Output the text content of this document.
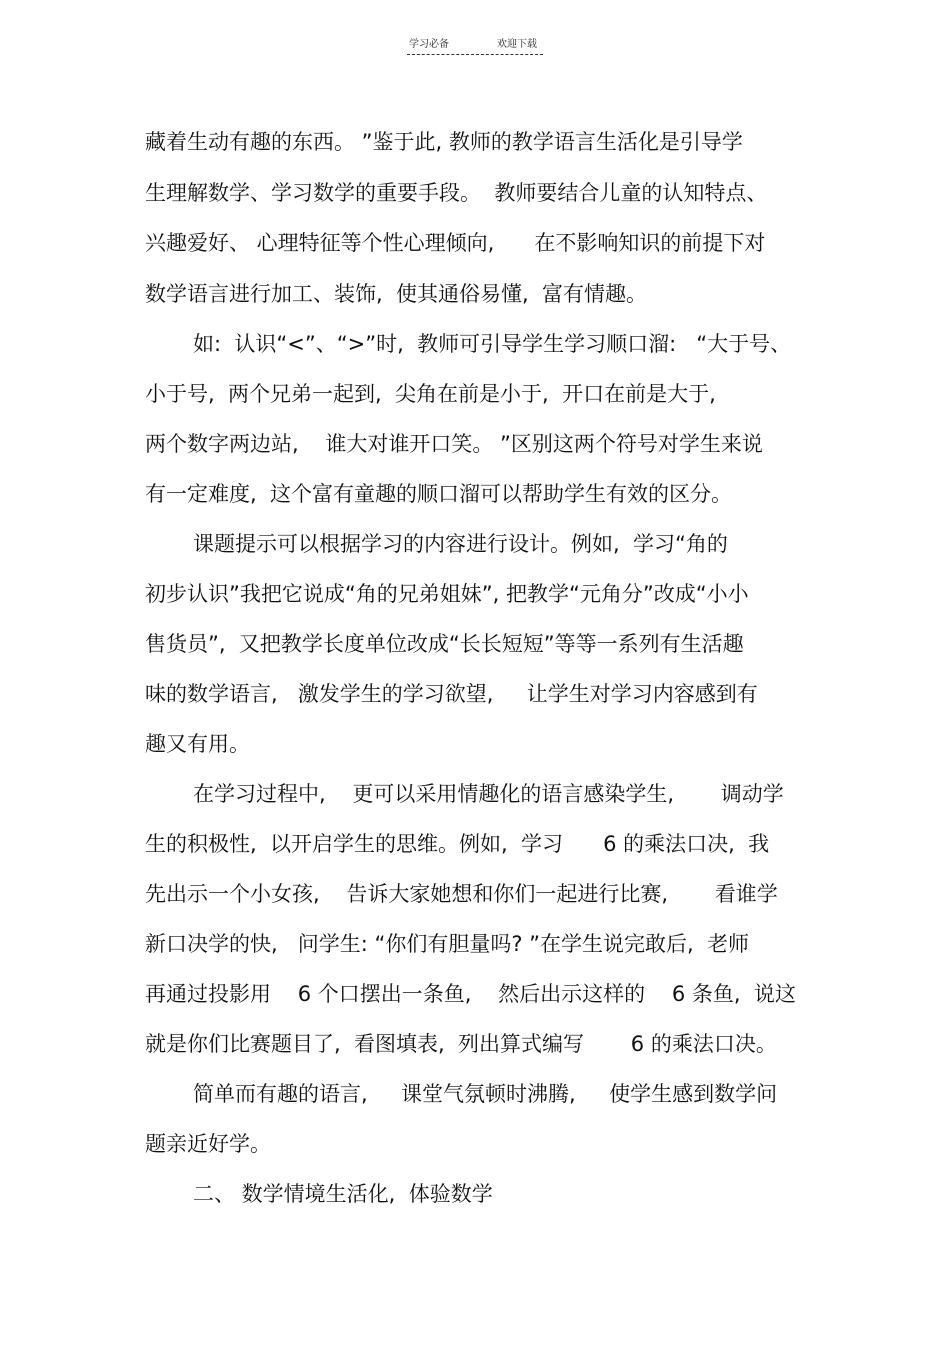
学习必备	欢迎下载
藏着生动有趣的东西。 ”鉴于此, 教师的教学语言生活化是引导学
生理解数学、学习数学的重要手段。  教师要结合儿童的认知特点、
兴趣爱好、 心理特征等个性心理倾向,      在不影响知识的前提下对
数学语言进行加工、装饰,  使其通俗易懂,  富有情趣。
如:  认识“<”、“>”时,  教师可引导学生学习顺口溜:   “大于号、
小于号,  两个兄弟一起到,  尖角在前是小于,  开口在前是大于,
两个数字两边站,    谁大对谁开口笑。 ”区别这两个符号对学生来说
有一定难度,  这个富有童趣的顺口溜可以帮助学生有效的区分。
课题提示可以根据学习的内容进行设计。例如,  学习“角的
初步认识”我把它说成“角的兄弟姐妹”, 把教学“元角分”改成“小小
售货员”,  又把教学长度单位改成“长长短短”等等一系列有生活趣
味的数学语言,   激发学生的学习欲望,     让学生对学习内容感到有
趣又有用。
在学习过程中,    更可以采用情趣化的语言感染学生,       调动学
生的积极性,  以开启学生的思维。例如,  学习      6 的乘法口决,  我
先出示一个小女孩,    告诉大家她想和你们一起进行比赛,       看谁学
新口决学的快,   问学生: “你们有胆量吗? ”在学生说完敢后,  老师
再通过投影用    6 个口摆出一条鱼,    然后出示这样的    6 条鱼,  说这
就是你们比赛题目了,  看图填表,  列出算式编写       6 的乘法口决。
简单而有趣的语言,     课堂气氛顿时沸腾,     使学生感到数学问
题亲近好学。
二、 数学情境生活化,  体验数学
